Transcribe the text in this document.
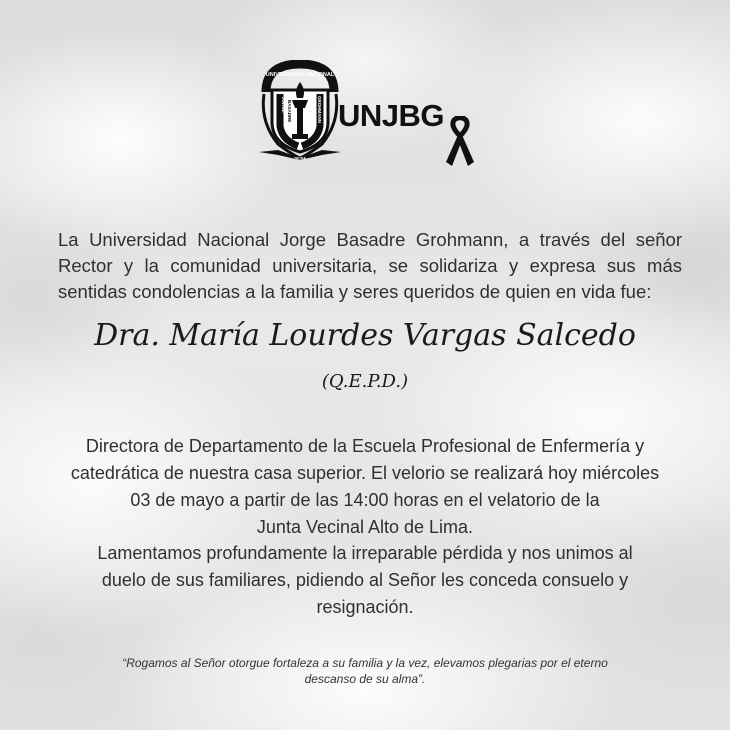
UNIVERSIDAD NACIONAL
TACNA
JORGE BASADRE	GROHMANN UNJBG

La Universidad Nacional Jorge Basadre Grohmann, a través del señor Rector y la comunidad universitaria, se solidariza y expresa sus más sentidas condolencias a la familia y seres queridos de quien en vida fue:

Dra. María Lourdes Vargas Salcedo
(Q.E.P.D.)
Directora de Departamento de la Escuela Profesional de Enfermería y
catedrática de nuestra casa superior. El velorio se realizará hoy miércoles
03 de mayo a partir de las 14:00 horas en el velatorio de la
Junta Vecinal Alto de Lima.
Lamentamos profundamente la irreparable pérdida y nos unimos al
duelo de sus familiares, pidiendo al Señor les conceda consuelo y
resignación.
“Rogamos al Señor otorgue fortaleza a su familia y la vez, elevamos plegarias por el eterno
descanso de su alma”.
